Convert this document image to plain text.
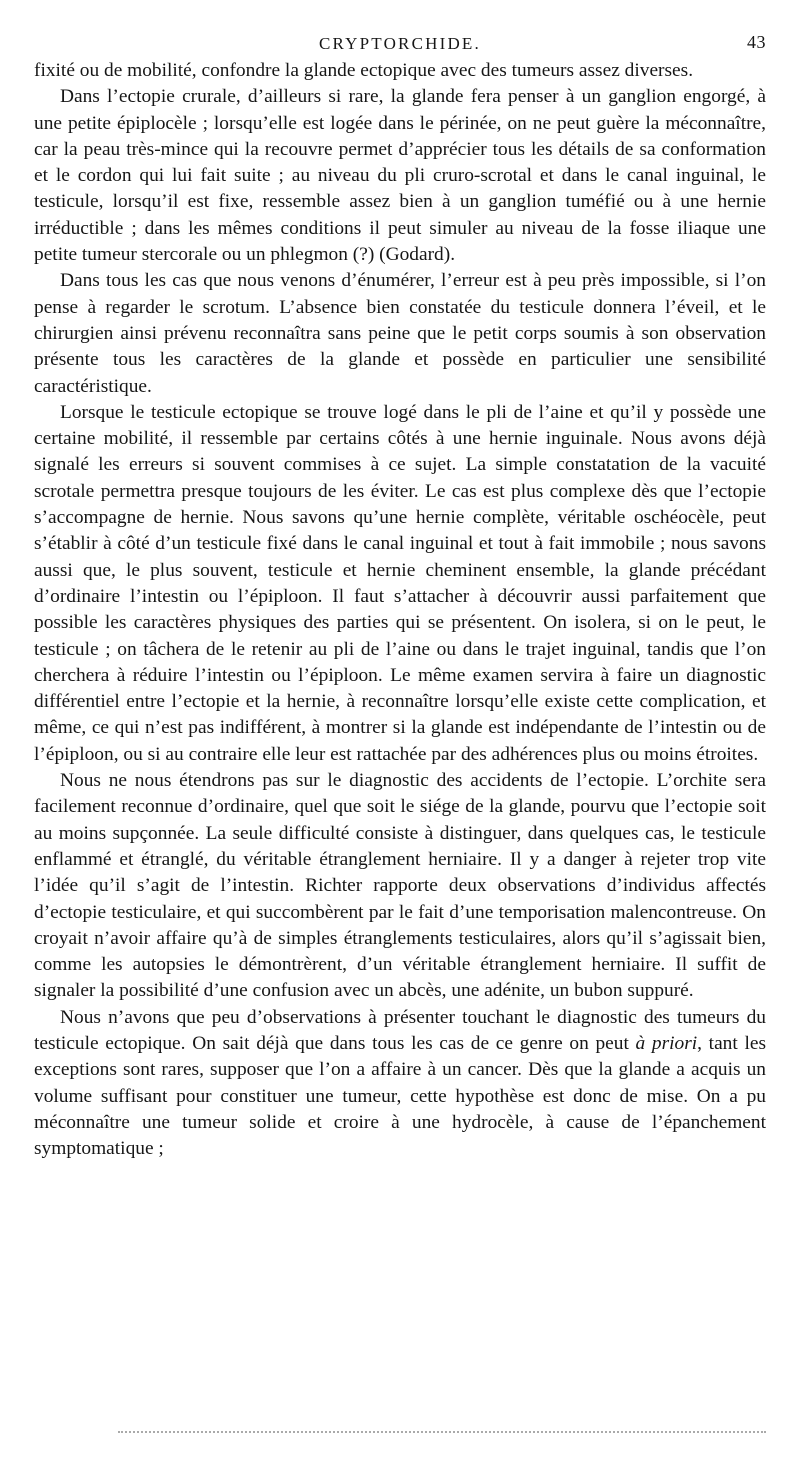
CRYPTORCHIDE.	43

fixité ou de mobilité, confondre la glande ectopique avec des tumeurs assez diverses.

Dans l’ectopie crurale, d’ailleurs si rare, la glande fera penser à un ganglion engorgé, à une petite épiplocèle ; lorsqu’elle est logée dans le périnée, on ne peut guère la méconnaître, car la peau très-mince qui la recouvre permet d’apprécier tous les détails de sa conformation et le cordon qui lui fait suite ; au niveau du pli cruro-scrotal et dans le canal inguinal, le testicule, lorsqu’il est fixe, ressemble assez bien à un ganglion tuméfié ou à une hernie irréductible ; dans les mêmes conditions il peut simuler au niveau de la fosse iliaque une petite tumeur stercorale ou un phlegmon (?) (Godard).

Dans tous les cas que nous venons d’énumérer, l’erreur est à peu près impossible, si l’on pense à regarder le scrotum. L’absence bien constatée du testicule donnera l’éveil, et le chirurgien ainsi prévenu reconnaîtra sans peine que le petit corps soumis à son observation présente tous les caractères de la glande et possède en particulier une sensibilité caractéristique.

Lorsque le testicule ectopique se trouve logé dans le pli de l’aine et qu’il y possède une certaine mobilité, il ressemble par certains côtés à une hernie inguinale. Nous avons déjà signalé les erreurs si souvent commises à ce sujet. La simple constatation de la vacuité scrotale permettra presque toujours de les éviter. Le cas est plus complexe dès que l’ectopie s’accompagne de hernie. Nous savons qu’une hernie complète, véritable oschéocèle, peut s’établir à côté d’un testicule fixé dans le canal inguinal et tout à fait immobile ; nous savons aussi que, le plus souvent, testicule et hernie cheminent ensemble, la glande précédant d’ordinaire l’intestin ou l’épiploon. Il faut s’attacher à découvrir aussi parfaitement que possible les caractères physiques des parties qui se présentent. On isolera, si on le peut, le testicule ; on tâchera de le retenir au pli de l’aine ou dans le trajet inguinal, tandis que l’on cherchera à réduire l’intestin ou l’épiploon. Le même examen servira à faire un diagnostic différentiel entre l’ectopie et la hernie, à reconnaître lorsqu’elle existe cette complication, et même, ce qui n’est pas indifférent, à montrer si la glande est indépendante de l’intestin ou de l’épiploon, ou si au contraire elle leur est rattachée par des adhérences plus ou moins étroites.

Nous ne nous étendrons pas sur le diagnostic des accidents de l’ectopie. L’orchite sera facilement reconnue d’ordinaire, quel que soit le siége de la glande, pourvu que l’ectopie soit au moins supçonnée. La seule difficulté consiste à distinguer, dans quelques cas, le testicule enflammé et étranglé, du véritable étranglement herniaire. Il y a danger à rejeter trop vite l’idée qu’il s’agit de l’intestin. Richter rapporte deux observations d’individus affectés d’ectopie testiculaire, et qui succombèrent par le fait d’une temporisation malencontreuse. On croyait n’avoir affaire qu’à de simples étranglements testiculaires, alors qu’il s’agissait bien, comme les autopsies le démontrèrent, d’un véritable étranglement herniaire. Il suffit de signaler la possibilité d’une confusion avec un abcès, une adénite, un bubon suppuré.

Nous n’avons que peu d’observations à présenter touchant le diagnostic des tumeurs du testicule ectopique. On sait déjà que dans tous les cas de ce genre on peut à priori, tant les exceptions sont rares, supposer que l’on a affaire à un cancer. Dès que la glande a acquis un volume suffisant pour constituer une tumeur, cette hypothèse est donc de mise. On a pu méconnaître une tumeur solide et croire à une hydrocèle, à cause de l’épanchement symptomatique ;
